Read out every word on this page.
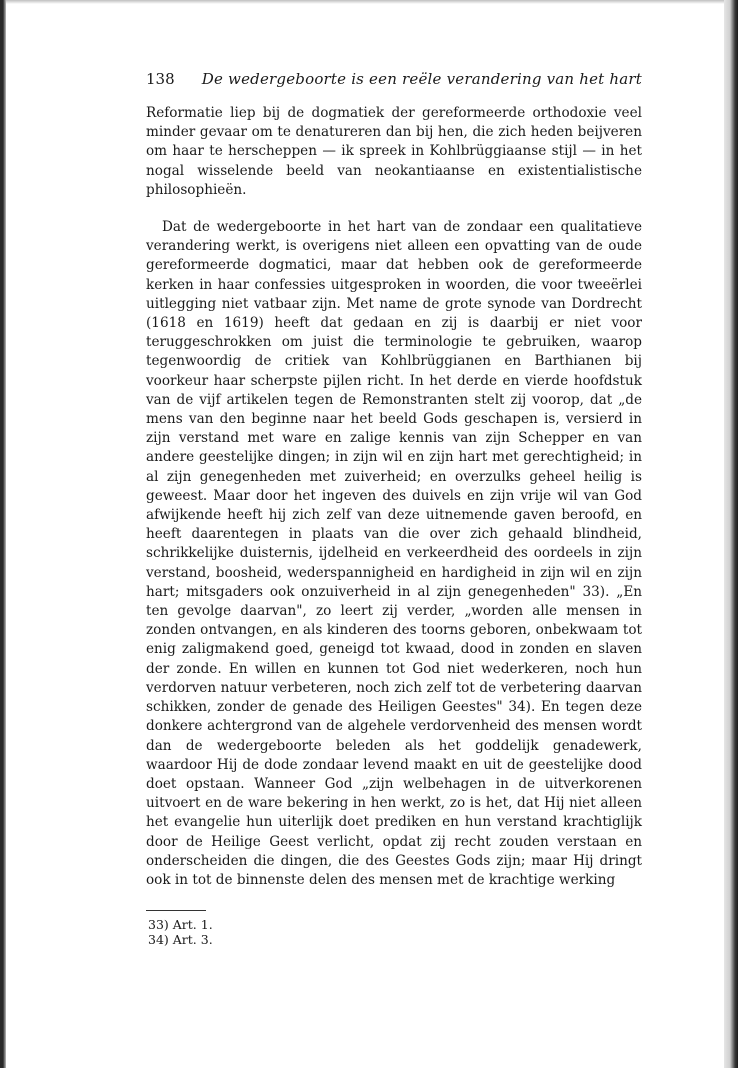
138 De wedergeboorte is een reële verandering van het hart

Reformatie liep bij de dogmatiek der gereformeerde orthodoxie veel minder gevaar om te denatureren dan bij hen, die zich heden beijveren om haar te herscheppen — ik spreek in Kohlbrüggiaanse stijl — in het nogal wisselende beeld van neokantiaanse en existentialistische philosophieën.

Dat de wedergeboorte in het hart van de zondaar een qualitatieve verandering werkt, is overigens niet alleen een opvatting van de oude gereformeerde dogmatici, maar dat hebben ook de gereformeerde kerken in haar confessies uitgesproken in woorden, die voor tweeërlei uitlegging niet vatbaar zijn. Met name de grote synode van Dordrecht (1618 en 1619) heeft dat gedaan en zij is daarbij er niet voor teruggeschrokken om juist die terminologie te gebruiken, waarop tegenwoordig de critiek van Kohlbrüggianen en Barthianen bij voorkeur haar scherpste pijlen richt. In het derde en vierde hoofdstuk van de vijf artikelen tegen de Remonstranten stelt zij voorop, dat „de mens van den beginne naar het beeld Gods geschapen is, versierd in zijn verstand met ware en zalige kennis van zijn Schepper en van andere geestelijke dingen; in zijn wil en zijn hart met gerechtigheid; in al zijn genegenheden met zuiverheid; en overzulks geheel heilig is geweest. Maar door het ingeven des duivels en zijn vrije wil van God afwijkende heeft hij zich zelf van deze uitnemende gaven beroofd, en heeft daarentegen in plaats van die over zich gehaald blindheid, schrikkelijke duisternis, ijdelheid en verkeerdheid des oordeels in zijn verstand, boosheid, wederspannigheid en hardigheid in zijn wil en zijn hart; mitsgaders ook onzuiverheid in al zijn genegenheden" 33). „En ten gevolge daarvan", zo leert zij verder, „worden alle mensen in zonden ontvangen, en als kinderen des toorns geboren, onbekwaam tot enig zaligmakend goed, geneigd tot kwaad, dood in zonden en slaven der zonde. En willen en kunnen tot God niet wederkeren, noch hun verdorven natuur verbeteren, noch zich zelf tot de verbetering daarvan schikken, zonder de genade des Heiligen Geestes" 34). En tegen deze donkere achtergrond van de algehele verdorvenheid des mensen wordt dan de wedergeboorte beleden als het goddelijk genadewerk, waardoor Hij de dode zondaar levend maakt en uit de geestelijke dood doet opstaan. Wanneer God „zijn welbehagen in de uitverkorenen uitvoert en de ware bekering in hen werkt, zo is het, dat Hij niet alleen het evangelie hun uiterlijk doet prediken en hun verstand krachtiglijk door de Heilige Geest verlicht, opdat zij recht zouden verstaan en onderscheiden die dingen, die des Geestes Gods zijn; maar Hij dringt ook in tot de binnenste delen des mensen met de krachtige werking

33) Art. 1.
34) Art. 3.
